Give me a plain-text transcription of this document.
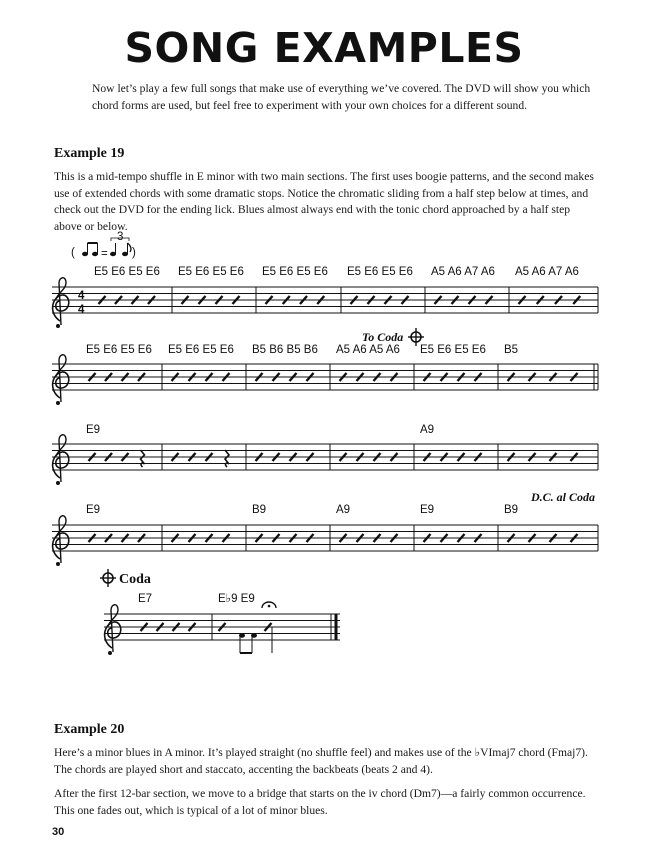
SONG EXAMPLES
Now let’s play a few full songs that make use of everything we’ve covered. The DVD will show you which chord forms are used, but feel free to experiment with your own choices for a different sound.
Example 19
This is a mid-tempo shuffle in E minor with two main sections. The first uses boogie patterns, and the second makes use of extended chords with some dramatic stops. Notice the chromatic sliding from a half step below at times, and check out the DVD for the ending lick. Blues almost always end with the tonic chord approached by a half step above or below.
( =
3
)
4
4
E5 E6 E5 E6 E5 E6 E5 E6 E5 E6 E5 E6 E5 E6 E5 E6 A5 A6 A7 A6 A5 A6 A7 A6
E5 E6 E5 E6 E5 E6 E5 E6 B5 B6 B5 B6 A5 A6 A5 A6 E5 E6 E5 E6 B5
To Coda
E9	A9
E9	B9	A9	E9	B9
D.C. al Coda
E7	E♭9 E9
Coda
Example 20
Here’s a minor blues in A minor. It’s played straight (no shuffle feel) and makes use of the ♭VImaj7 chord (Fmaj7). The chords are played short and staccato, accenting the backbeats (beats 2 and 4).
After the first 12-bar section, we move to a bridge that starts on the iv chord (Dm7)—a fairly common occurrence. This one fades out, which is typical of a lot of minor blues.
30
